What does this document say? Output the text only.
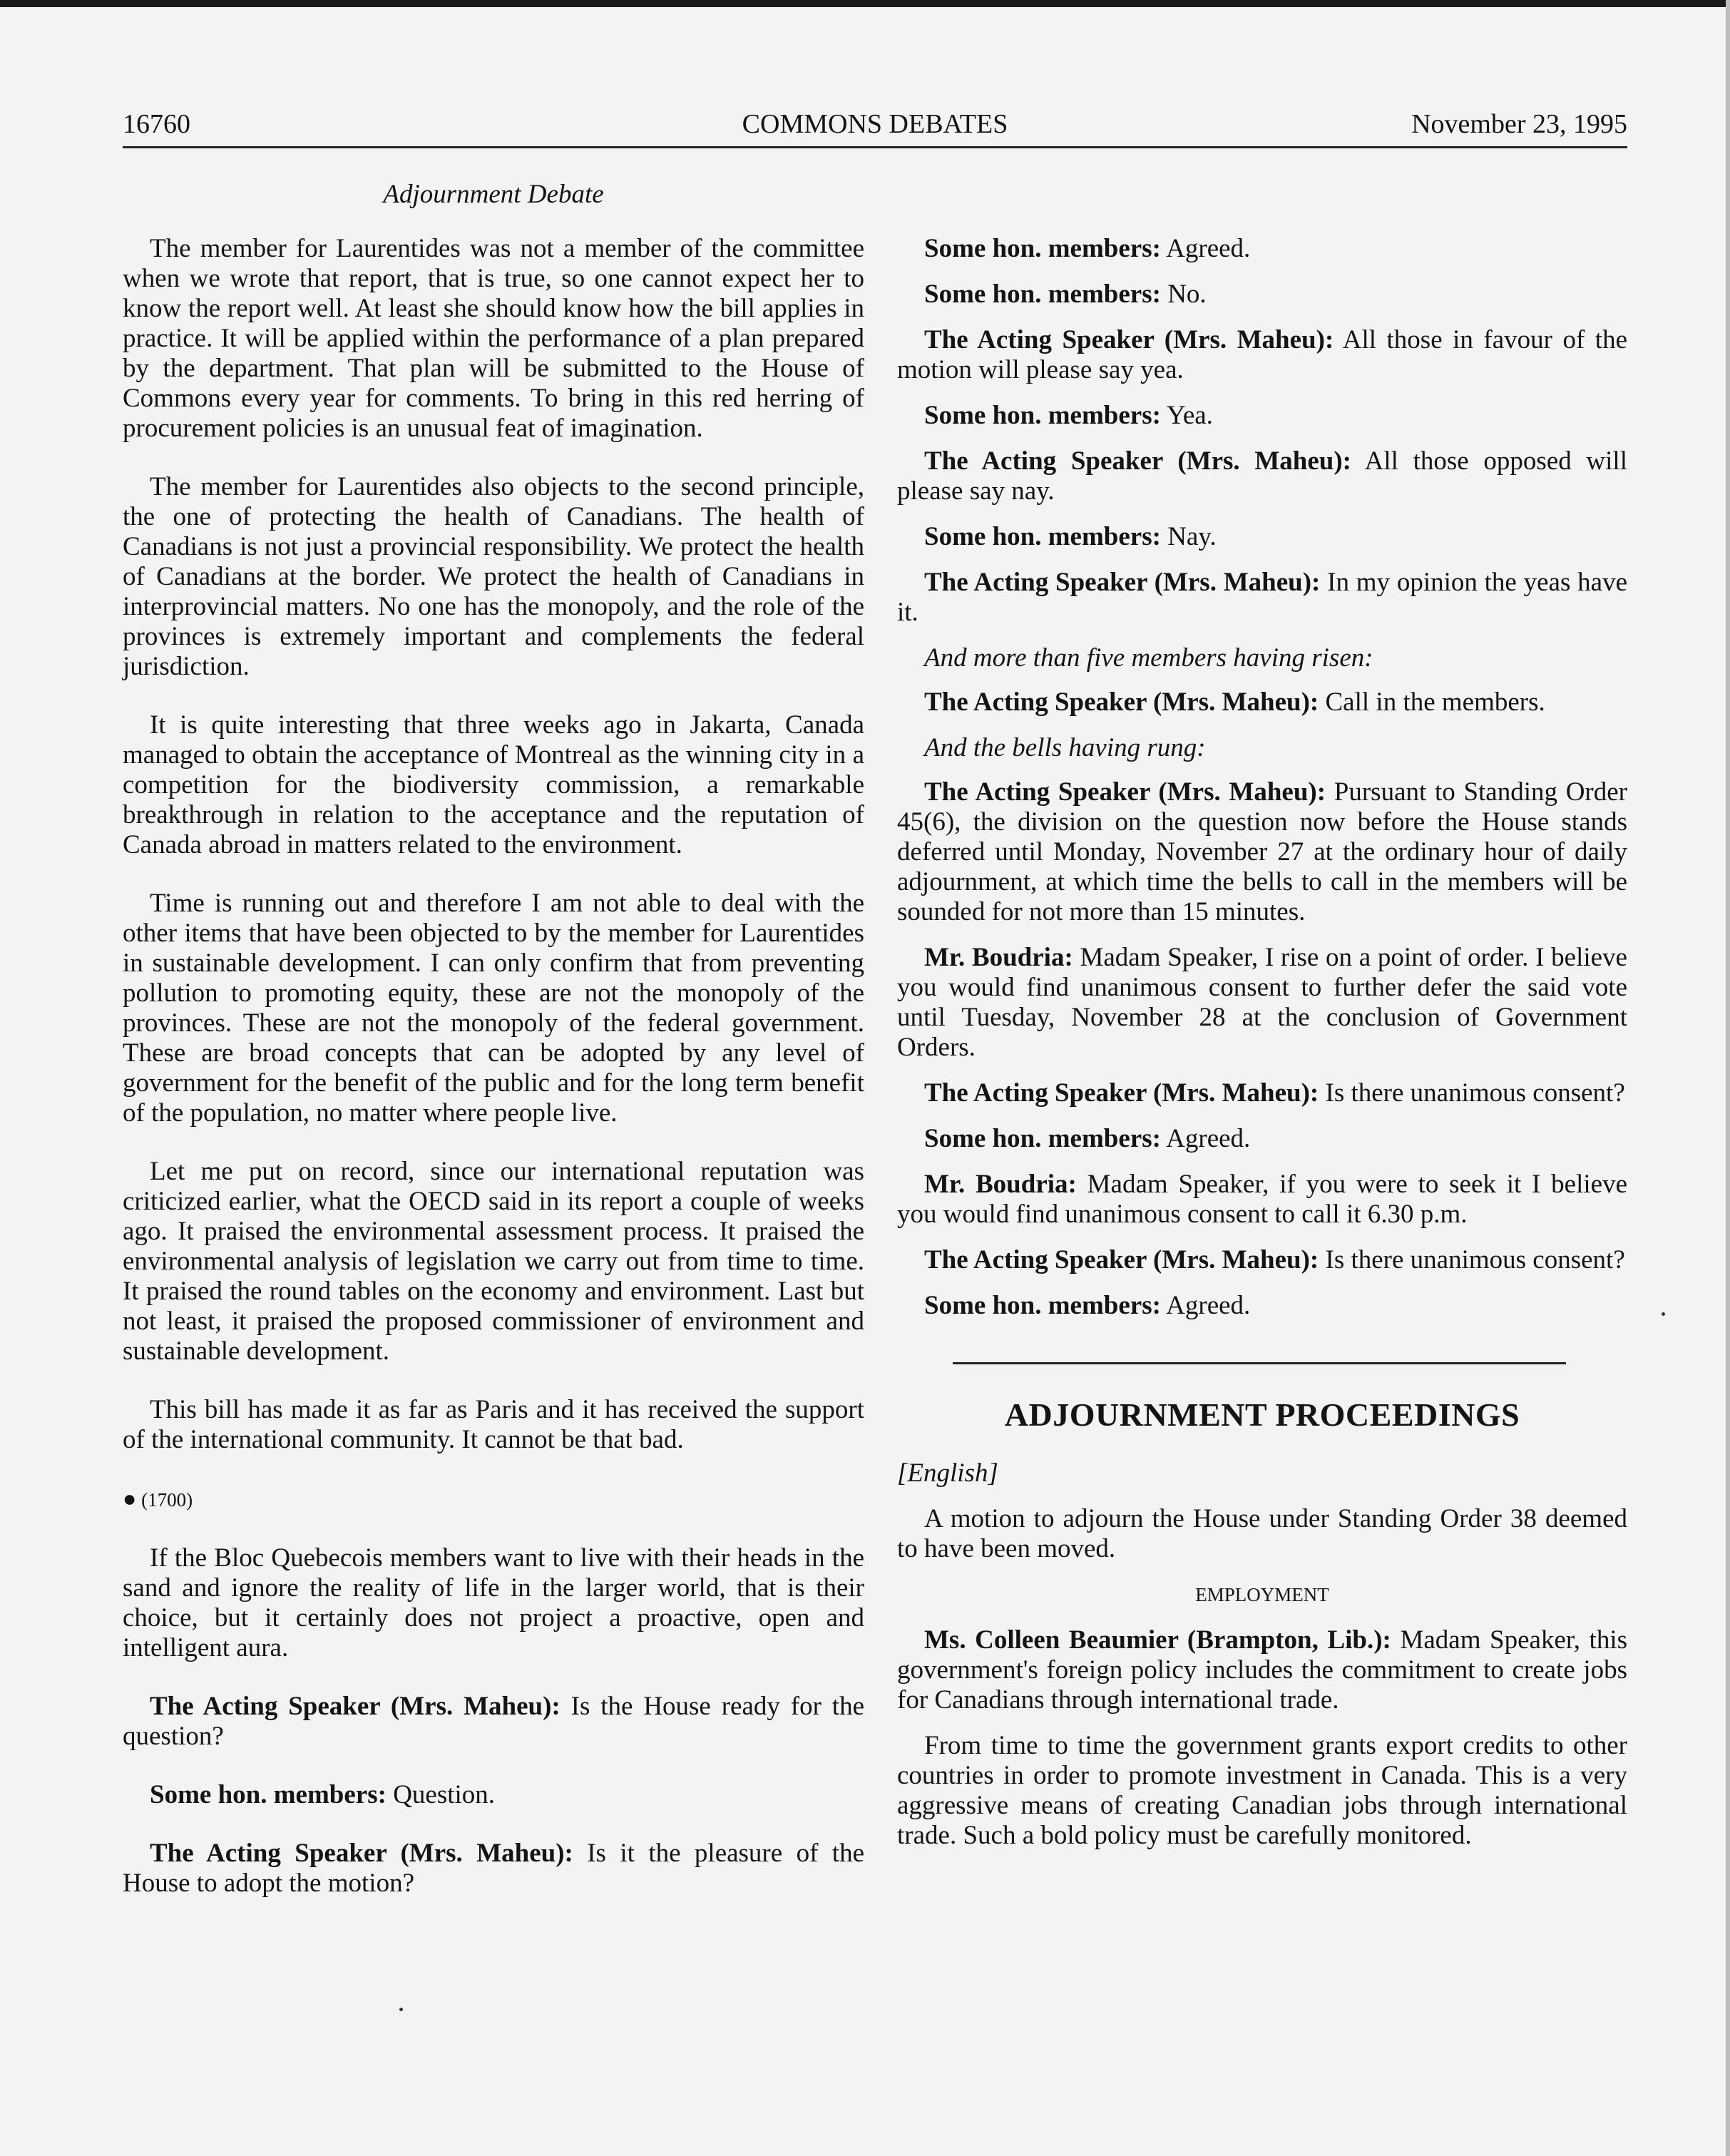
16760	COMMONS DEBATES	November 23, 1995
Adjournment Debate

The member for Laurentides was not a member of the committee when we wrote that report, that is true, so one cannot expect her to know the report well. At least she should know how the bill applies in practice. It will be applied within the performance of a plan prepared by the department. That plan will be submitted to the House of Commons every year for comments. To bring in this red herring of procurement policies is an unusual feat of imagination.

The member for Laurentides also objects to the second principle, the one of protecting the health of Canadians. The health of Canadians is not just a provincial responsibility. We protect the health of Canadians at the border. We protect the health of Canadians in interprovincial matters. No one has the monopoly, and the role of the provinces is extremely important and complements the federal jurisdiction.

It is quite interesting that three weeks ago in Jakarta, Canada managed to obtain the acceptance of Montreal as the winning city in a competition for the biodiversity commission, a remarkable breakthrough in relation to the acceptance and the reputation of Canada abroad in matters related to the environment.

Time is running out and therefore I am not able to deal with the other items that have been objected to by the member for Laurentides in sustainable development. I can only confirm that from preventing pollution to promoting equity, these are not the monopoly of the provinces. These are not the monopoly of the federal government. These are broad concepts that can be adopted by any level of government for the benefit of the public and for the long term benefit of the population, no matter where people live.

Let me put on record, since our international reputation was criticized earlier, what the OECD said in its report a couple of weeks ago. It praised the environmental assessment process. It praised the environmental analysis of legislation we carry out from time to time. It praised the round tables on the economy and environment. Last but not least, it praised the proposed commissioner of environment and sustainable development.

This bill has made it as far as Paris and it has received the support of the international community. It cannot be that bad.

● (1700)

If the Bloc Quebecois members want to live with their heads in the sand and ignore the reality of life in the larger world, that is their choice, but it certainly does not project a proactive, open and intelligent aura.

The Acting Speaker (Mrs. Maheu): Is the House ready for the question?

Some hon. members: Question.

The Acting Speaker (Mrs. Maheu): Is it the pleasure of the House to adopt the motion?

Some hon. members: Agreed.

Some hon. members: No.

The Acting Speaker (Mrs. Maheu): All those in favour of the motion will please say yea.

Some hon. members: Yea.

The Acting Speaker (Mrs. Maheu): All those opposed will please say nay.

Some hon. members: Nay.

The Acting Speaker (Mrs. Maheu): In my opinion the yeas have it.

And more than five members having risen:

The Acting Speaker (Mrs. Maheu): Call in the members.

And the bells having rung:

The Acting Speaker (Mrs. Maheu): Pursuant to Standing Order 45(6), the division on the question now before the House stands deferred until Monday, November 27 at the ordinary hour of daily adjournment, at which time the bells to call in the members will be sounded for not more than 15 minutes.

Mr. Boudria: Madam Speaker, I rise on a point of order. I believe you would find unanimous consent to further defer the said vote until Tuesday, November 28 at the conclusion of Government Orders.

The Acting Speaker (Mrs. Maheu): Is there unanimous consent?

Some hon. members: Agreed.

Mr. Boudria: Madam Speaker, if you were to seek it I believe you would find unanimous consent to call it 6.30 p.m.

The Acting Speaker (Mrs. Maheu): Is there unanimous consent?

Some hon. members: Agreed.

ADJOURNMENT PROCEEDINGS
[English]

A motion to adjourn the House under Standing Order 38 deemed to have been moved.

EMPLOYMENT

Ms. Colleen Beaumier (Brampton, Lib.): Madam Speaker, this government's foreign policy includes the commitment to create jobs for Canadians through international trade.

From time to time the government grants export credits to other countries in order to promote investment in Canada. This is a very aggressive means of creating Canadian jobs through international trade. Such a bold policy must be carefully monitored.
